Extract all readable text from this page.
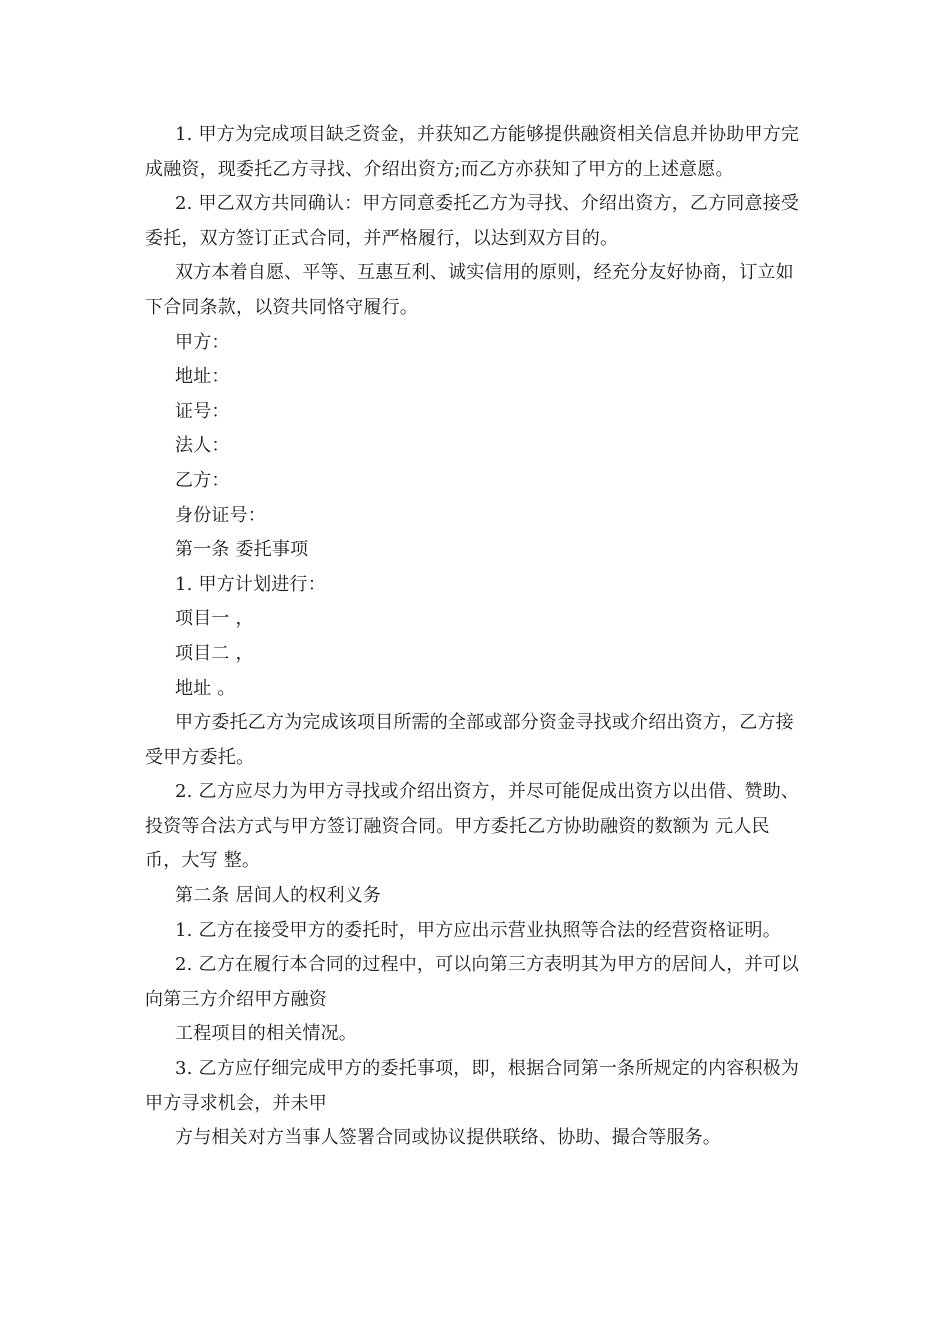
1. 甲方为完成项目缺乏资金，并获知乙方能够提供融资相关信息并协助甲方完成融资，现委托乙方寻找、介绍出资方;而乙方亦获知了甲方的上述意愿。

2. 甲乙双方共同确认：甲方同意委托乙方为寻找、介绍出资方，乙方同意接受委托，双方签订正式合同，并严格履行，以达到双方目的。

双方本着自愿、平等、互惠互利、诚实信用的原则，经充分友好协商，订立如下合同条款，以资共同恪守履行。

甲方：

地址：

证号：

法人：

乙方：

身份证号：

第一条 委托事项

1. 甲方计划进行：

项目一 ，

项目二 ，

地址 。

甲方委托乙方为完成该项目所需的全部或部分资金寻找或介绍出资方，乙方接受甲方委托。

2. 乙方应尽力为甲方寻找或介绍出资方，并尽可能促成出资方以出借、赞助、投资等合法方式与甲方签订融资合同。甲方委托乙方协助融资的数额为 元人民币，大写 整。

第二条 居间人的权利义务

1. 乙方在接受甲方的委托时，甲方应出示营业执照等合法的经营资格证明。

2. 乙方在履行本合同的过程中，可以向第三方表明其为甲方的居间人，并可以向第三方介绍甲方融资

工程项目的相关情况。

3. 乙方应仔细完成甲方的委托事项，即，根据合同第一条所规定的内容积极为甲方寻求机会，并未甲

方与相关对方当事人签署合同或协议提供联络、协助、撮合等服务。
